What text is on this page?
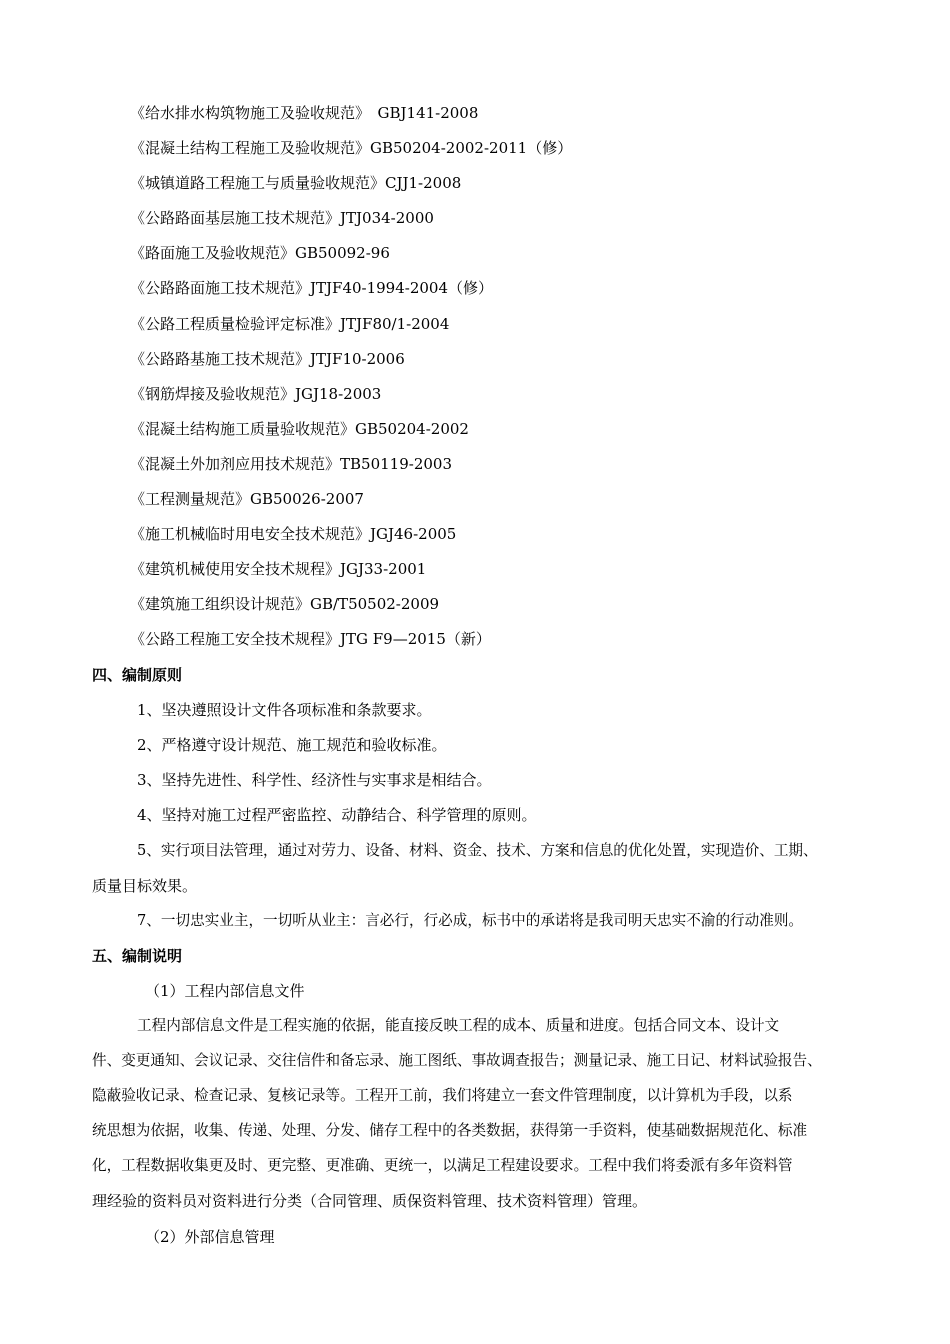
《给水排水构筑物施工及验收规范》　GBJ141-2008
《混凝土结构工程施工及验收规范》GB50204-2002-2011（修）
《城镇道路工程施工与质量验收规范》CJJ1-2008
《公路路面基层施工技术规范》JTJ034-2000
《路面施工及验收规范》GB50092-96
《公路路面施工技术规范》JTJF40-1994-2004（修）
《公路工程质量检验评定标准》JTJF80/1-2004
《公路路基施工技术规范》JTJF10-2006
《钢筋焊接及验收规范》JGJ18-2003
《混凝土结构施工质量验收规范》GB50204-2002
《混凝土外加剂应用技术规范》TB50119-2003
《工程测量规范》GB50026-2007
《施工机械临时用电安全技术规范》JGJ46-2005
《建筑机械使用安全技术规程》JGJ33-2001
《建筑施工组织设计规范》GB/T50502-2009
《公路工程施工安全技术规程》JTG F9—2015（新）
四、编制原则
1、坚决遵照设计文件各项标准和条款要求。
2、严格遵守设计规范、施工规范和验收标准。
3、坚持先进性、科学性、经济性与实事求是相结合。
4、坚持对施工过程严密监控、动静结合、科学管理的原则。
5、实行项目法管理，通过对劳力、设备、材料、资金、技术、方案和信息的优化处置，实现造价、工期、
质量目标效果。
7、一切忠实业主，一切听从业主：言必行，行必成，标书中的承诺将是我司明天忠实不渝的行动准则。
五、编制说明
（1）工程内部信息文件
工程内部信息文件是工程实施的依据，能直接反映工程的成本、质量和进度。包括合同文本、设计文
件、变更通知、会议记录、交往信件和备忘录、施工图纸、事故调查报告；测量记录、施工日记、材料试验报告、
隐蔽验收记录、检查记录、复核记录等。工程开工前，我们将建立一套文件管理制度，以计算机为手段，以系
统思想为依据，收集、传递、处理、分发、储存工程中的各类数据，获得第一手资料，使基础数据规范化、标准
化，工程数据收集更及时、更完整、更准确、更统一，以满足工程建设要求。工程中我们将委派有多年资料管
理经验的资料员对资料进行分类（合同管理、质保资料管理、技术资料管理）管理。
（2）外部信息管理
